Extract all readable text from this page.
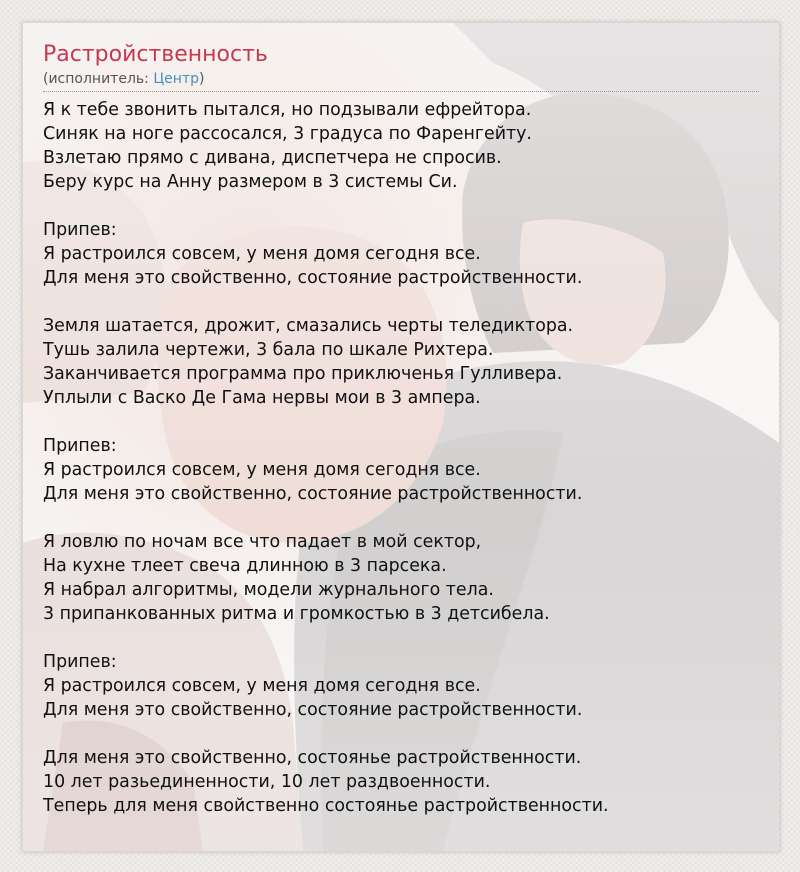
Растройственность
(исполнитель: Центр)
Я к тебе звонить пытался, но подзывали ефрейтора.
Синяк на ноге рассосался, 3 градуса по Фаренгейту.
Взлетаю прямо с дивана, диспетчера не спросив.
Беру курс на Анну размером в 3 системы Си.
Припев:
Я растроился совсем, у меня домя сегодня все.
Для меня это свойственно, состояние растройственности.
Земля шатается, дрожит, смазались черты теледиктора.
Тушь залила чертежи, 3 бала по шкале Рихтера.
Заканчивается программа про приключенья Гулливера.
Уплыли с Васко Де Гама нервы мои в 3 ампера.
Припев:
Я растроился совсем, у меня домя сегодня все.
Для меня это свойственно, состояние растройственности.
Я ловлю по ночам все что падает в мой сектор,
На кухне тлеет свеча длинною в 3 парсека.
Я набрал алгоритмы, модели журнального тела.
3 припанкованных ритма и громкостью в 3 детсибела.
Припев:
Я растроился совсем, у меня домя сегодня все.
Для меня это свойственно, состояние растройственности.
Для меня это свойственно, состоянье растройственности.
10 лет разьединенности, 10 лет раздвоенности.
Теперь для меня свойственно состоянье растройственности.
